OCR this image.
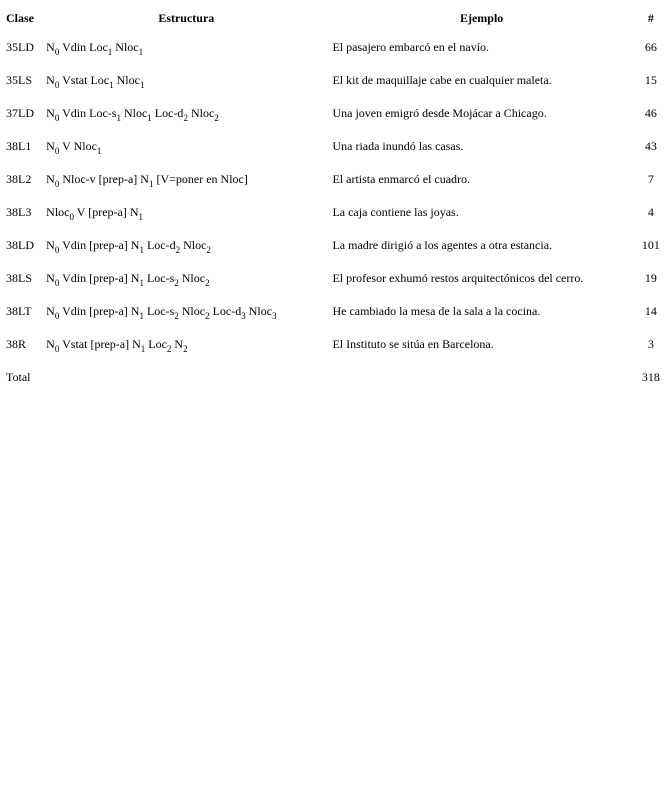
Clase	Estructura	Ejemplo	#
35LD	$N_0$ Vdin Loc$_1$ Nloc$_1$	El pasajero embarcó en el navío.	66
35LS	$N_0$ Vstat Loc$_1$ Nloc$_1$	El kit de maquillaje cabe en cualquier maleta.	15
37LD	$N_0$ Vdin Loc-$s_1$ Nloc$_1$ Loc-$d_2$ Nloc$_2$	Una joven emigró desde Mojácar a Chicago.	46
38L1	$N_0$ V Nloc$_1$	Una riada inundó las casas.	43
38L2	$N_0$ Nloc-v [prep-a] $N_1$ [V=poner en Nloc]	El artista enmarcó el cuadro.	7
38L3	Nloc$_0$ V [prep-a] $N_1$	La caja contiene las joyas.	4
38LD	$N_0$ Vdin [prep-a] $N_1$ Loc-$d_2$ Nloc$_2$	La madre dirigió a los agentes a otra estancia.	101
38LS	$N_0$ Vdin [prep-a] $N_1$ Loc-$s_2$ Nloc$_2$	El profesor exhumó restos arquitectónicos del cerro.	19
38LT	$N_0$ Vdin [prep-a] $N_1$ Loc-$s_2$ Nloc$_2$ Loc-$d_3$ Nloc$_3$	He cambiado la mesa de la sala a la cocina.	14
38R	$N_0$ Vstat [prep-a] $N_1$ Loc$_2$ $N_2$	El Instituto se sitúa en Barcelona.	3
Total			318
